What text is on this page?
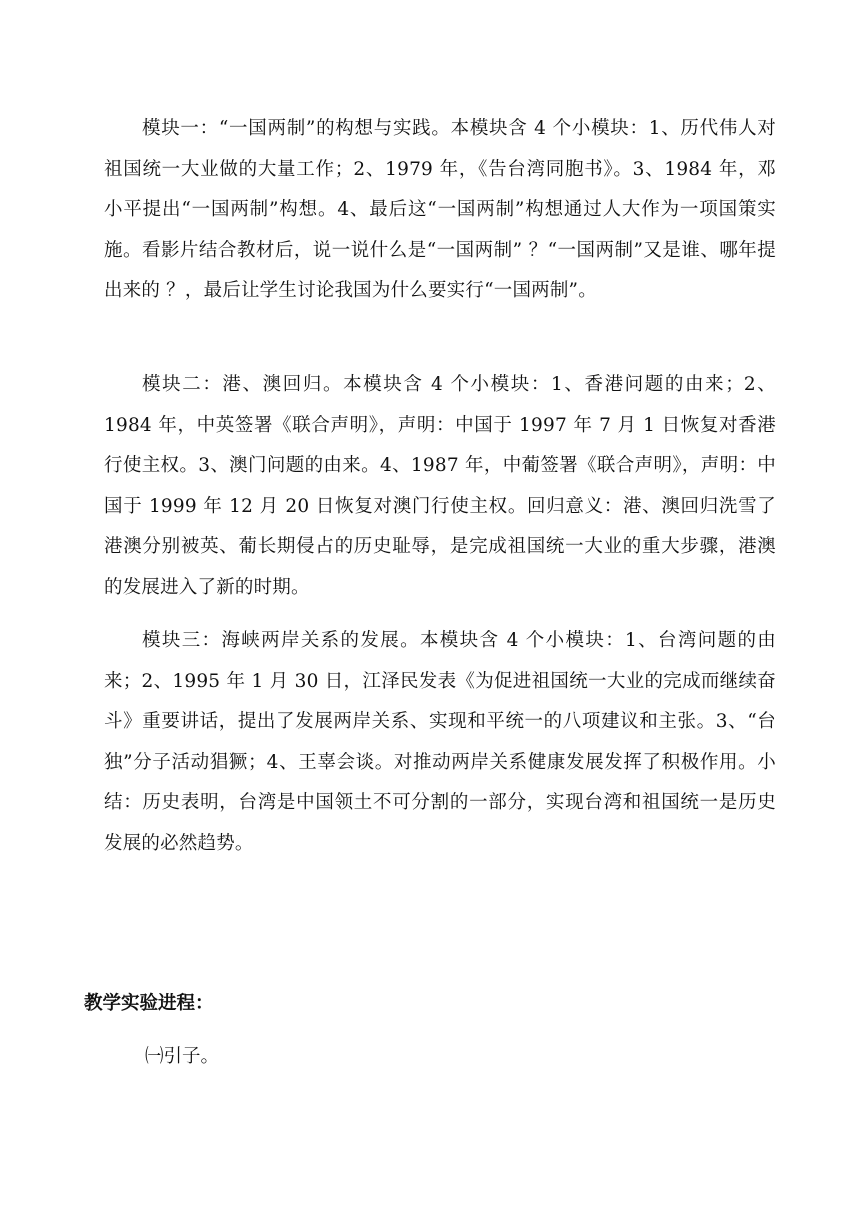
模块一：“一国两制”的构想与实践。本模块含 4 个小模块：1、历代伟人对祖国统一大业做的大量工作；2、1979 年，《告台湾同胞书》。3、1984 年，邓小平提出“一国两制”构想。4、最后这“一国两制”构想通过人大作为一项国策实施。看影片结合教材后，说一说什么是“一国两制” ？“一国两制”又是谁、哪年提出来的 ？，最后让学生讨论我国为什么要实行“一国两制”。

模块二：港、澳回归。本模块含 4 个小模块：1、香港问题的由来；2、1984 年，中英签署《联合声明》，声明：中国于 1997 年 7 月 1 日恢复对香港行使主权。3、澳门问题的由来。4、1987 年，中葡签署《联合声明》，声明：中国于 1999 年 12 月 20 日恢复对澳门行使主权。回归意义：港、澳回归洗雪了港澳分别被英、葡长期侵占的历史耻辱，是完成祖国统一大业的重大步骤，港澳的发展进入了新的时期。

模块三：海峡两岸关系的发展。本模块含 4 个小模块：1、台湾问题的由来；2、1995 年 1 月 30 日，江泽民发表《为促进祖国统一大业的完成而继续奋斗》重要讲话，提出了发展两岸关系、实现和平统一的八项建议和主张。3、“台独”分子活动猖獗；4、王辜会谈。对推动两岸关系健康发展发挥了积极作用。小结：历史表明，台湾是中国领土不可分割的一部分，实现台湾和祖国统一是历史发展的必然趋势。

教学实验进程：

㈠引子。
